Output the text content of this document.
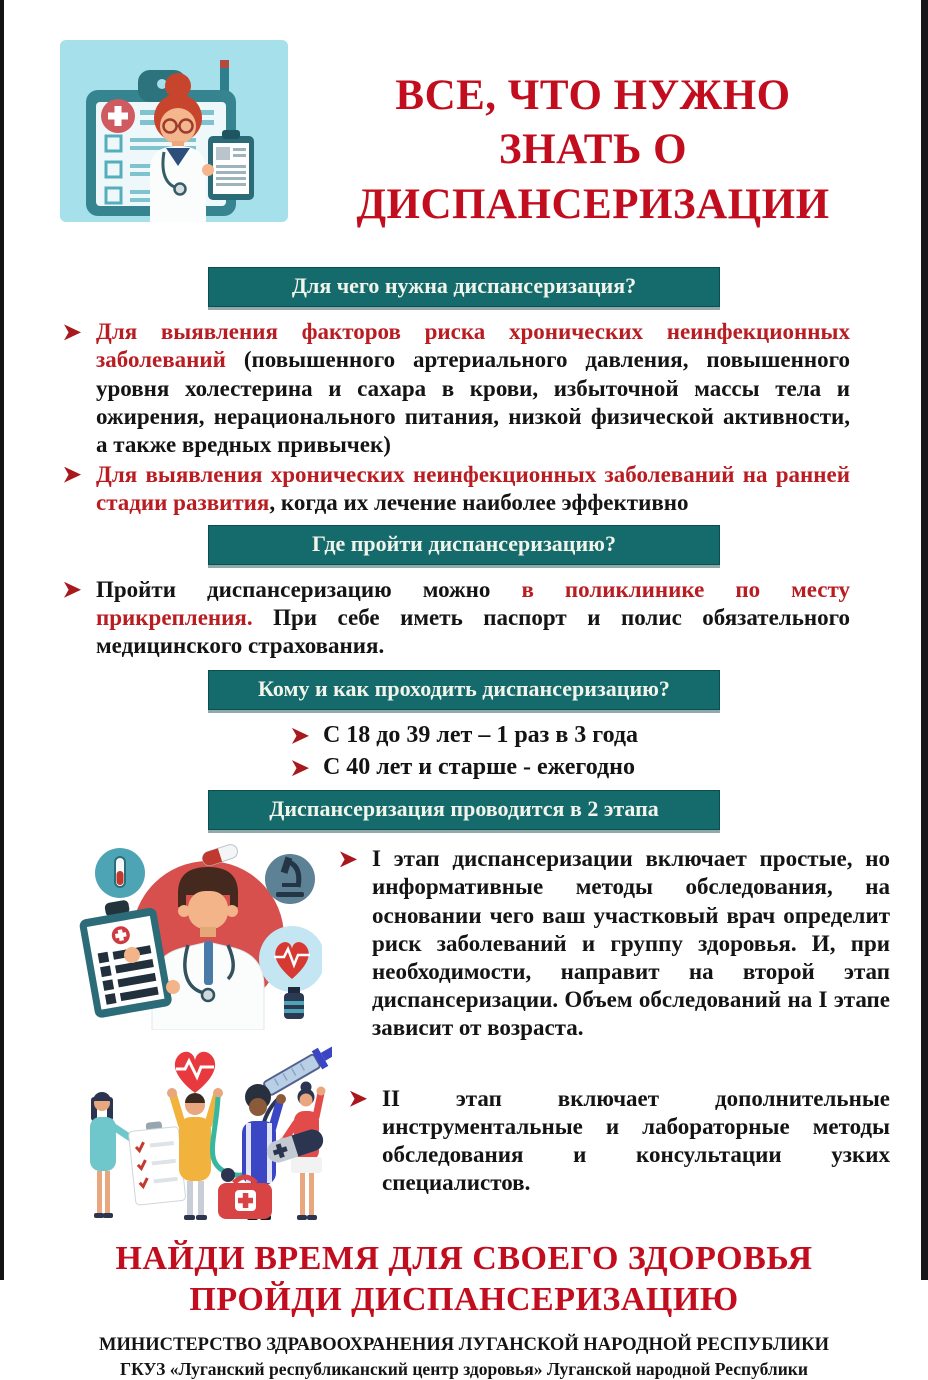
ВСЕ, ЧТО НУЖНО
ЗНАТЬ О
ДИСПАНСЕРИЗАЦИИ
Для чего нужна диспансеризация?

Для выявления факторов риска хронических неинфекционных заболеваний (повышенного артериального давления, повышенного уровня холестерина и сахара в крови, избыточной массы тела и ожирения, нерационального питания, низкой физической активности, а также вредных привычек)

Для выявления хронических неинфекционных заболеваний на ранней стадии развития, когда их лечение наиболее эффективно

Где пройти диспансеризацию?

Пройти диспансеризацию можно в поликлинике по месту прикрепления. При себе иметь паспорт и полис обязательного медицинского страхования.

Кому и как проходить диспансеризацию?

С 18 до 39 лет – 1 раз в 3 года

С 40 лет и старше - ежегодно

Диспансеризация проводится в 2 этапа

I этап диспансеризации включает простые, но информативные методы обследования, на основании чего ваш участковый врач определит риск заболеваний и группу здоровья. И, при необходимости, направит на второй этап диспансеризации. Объем обследований на I этапе зависит от возраста.

II этап включает дополнительные инструментальные и лабораторные методы обследования и консультации узких специалистов.

НАЙДИ ВРЕМЯ ДЛЯ СВОЕГО ЗДОРОВЬЯ
ПРОЙДИ ДИСПАНСЕРИЗАЦИЮ
МИНИСТЕРСТВО ЗДРАВООХРАНЕНИЯ ЛУГАНСКОЙ НАРОДНОЙ РЕСПУБЛИКИ
ГКУЗ «Луганский республиканский центр здоровья» Луганской народной Республики
